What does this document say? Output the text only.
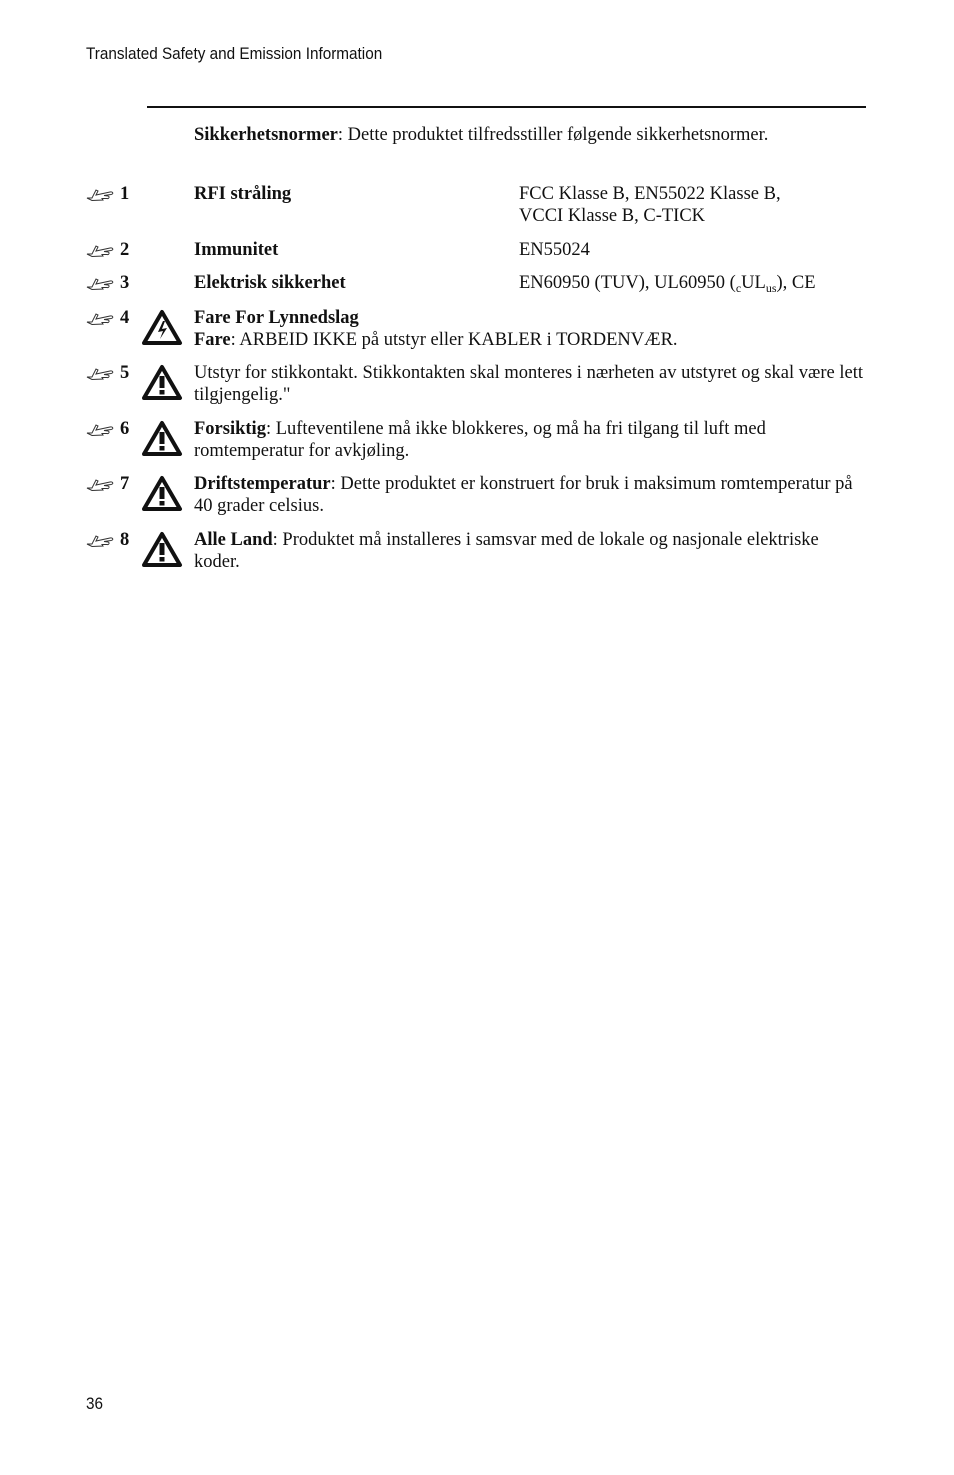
Translated Safety and Emission Information
Sikkerhetsnormer: Dette produktet tilfredsstiller følgende sikkerhetsnormer.
1	RFI stråling	FCC Klasse B, EN55022 Klasse B,
VCCI Klasse B, C-TICK
2	Immunitet	EN55024
3	Elektrisk sikkerhet	EN60950 (TUV), UL60950 $(_cUL_{us})$, CE
4	Fare For Lynnedslag
Fare: ARBEID IKKE på utstyr eller KABLER i TORDENVÆR.
5	Utstyr for stikkontakt. Stikkontakten skal monteres i nærheten av utstyret og skal være lett tilgjengelig."
6	Forsiktig: Lufteventilene må ikke blokkeres, og må ha fri tilgang til luft med romtemperatur for avkjøling.
7	Driftstemperatur: Dette produktet er konstruert for bruk i maksimum romtemperatur på 40 grader celsius.
8	Alle Land: Produktet må installeres i samsvar med de lokale og nasjonale elektriske koder.
36
